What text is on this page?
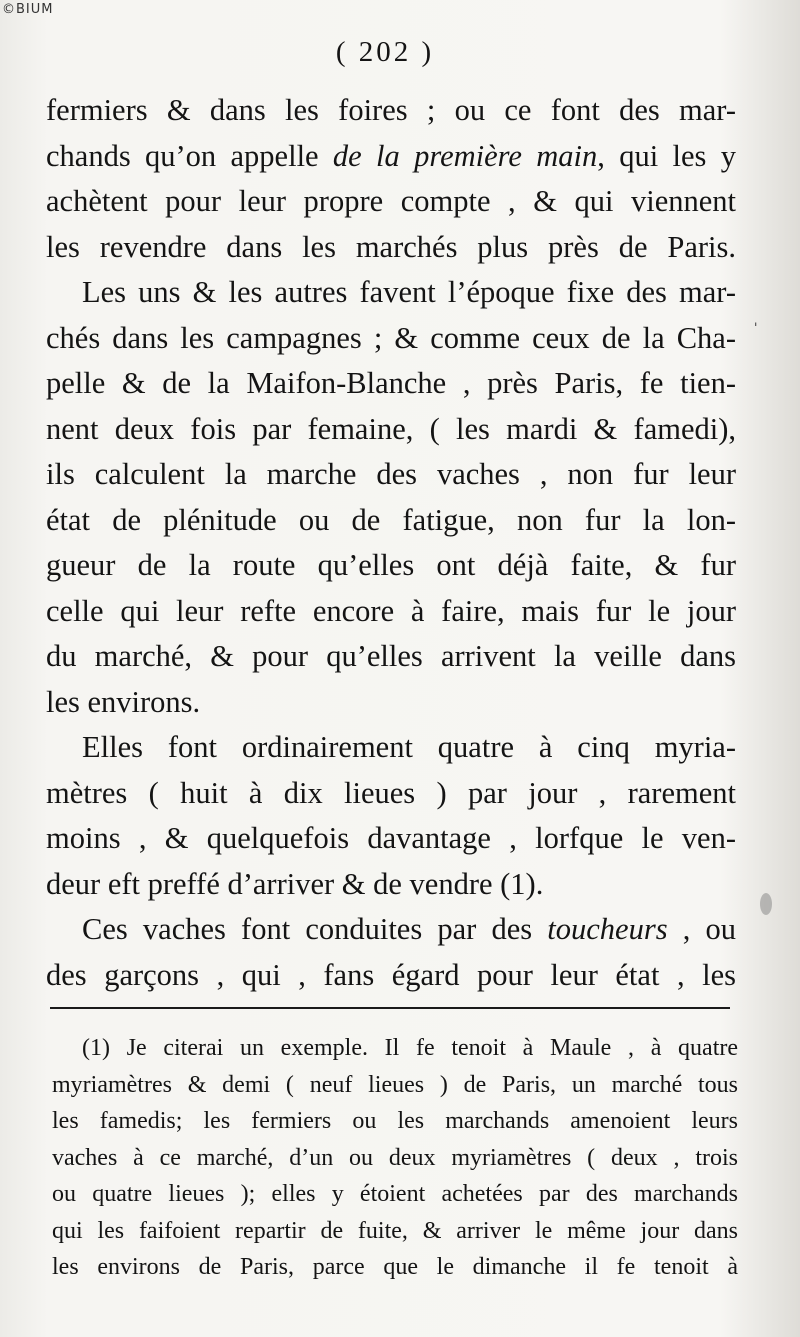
©BIUM
( 202 )
fermiers & dans les foires ; ou ce font des mar-
chands qu’on appelle de la première main, qui les y
achètent pour leur propre compte , & qui viennent
les revendre dans les marchés plus près de Paris.
Les uns & les autres favent l’époque fixe des mar-
chés dans les campagnes ; & comme ceux de la Cha-
pelle & de la Maifon-Blanche , près Paris, fe tien-
nent deux fois par femaine, ( les mardi & famedi),
ils calculent la marche des vaches , non fur leur
état de plénitude ou de fatigue, non fur la lon-
gueur de la route qu’elles ont déjà faite, & fur
celle qui leur refte encore à faire, mais fur le jour
du marché, & pour qu’elles arrivent la veille dans
les environs.
Elles font ordinairement quatre à cinq myria-
mètres ( huit à dix lieues ) par jour , rarement
moins , & quelquefois davantage , lorfque le ven-
deur eft preffé d’arriver & de vendre (1).
Ces vaches font conduites par des toucheurs , ou
des garçons , qui , fans égard pour leur état , les
(1) Je citerai un exemple. Il fe tenoit à Maule , à quatre
myriamètres & demi ( neuf lieues ) de Paris, un marché tous
les famedis; les fermiers ou les marchands amenoient leurs
vaches à ce marché, d’un ou deux myriamètres ( deux , trois
ou quatre lieues ); elles y étoient achetées par des marchands
qui les faifoient repartir de fuite, & arriver le même jour dans
les environs de Paris, parce que le dimanche il fe tenoit à
ˈ
